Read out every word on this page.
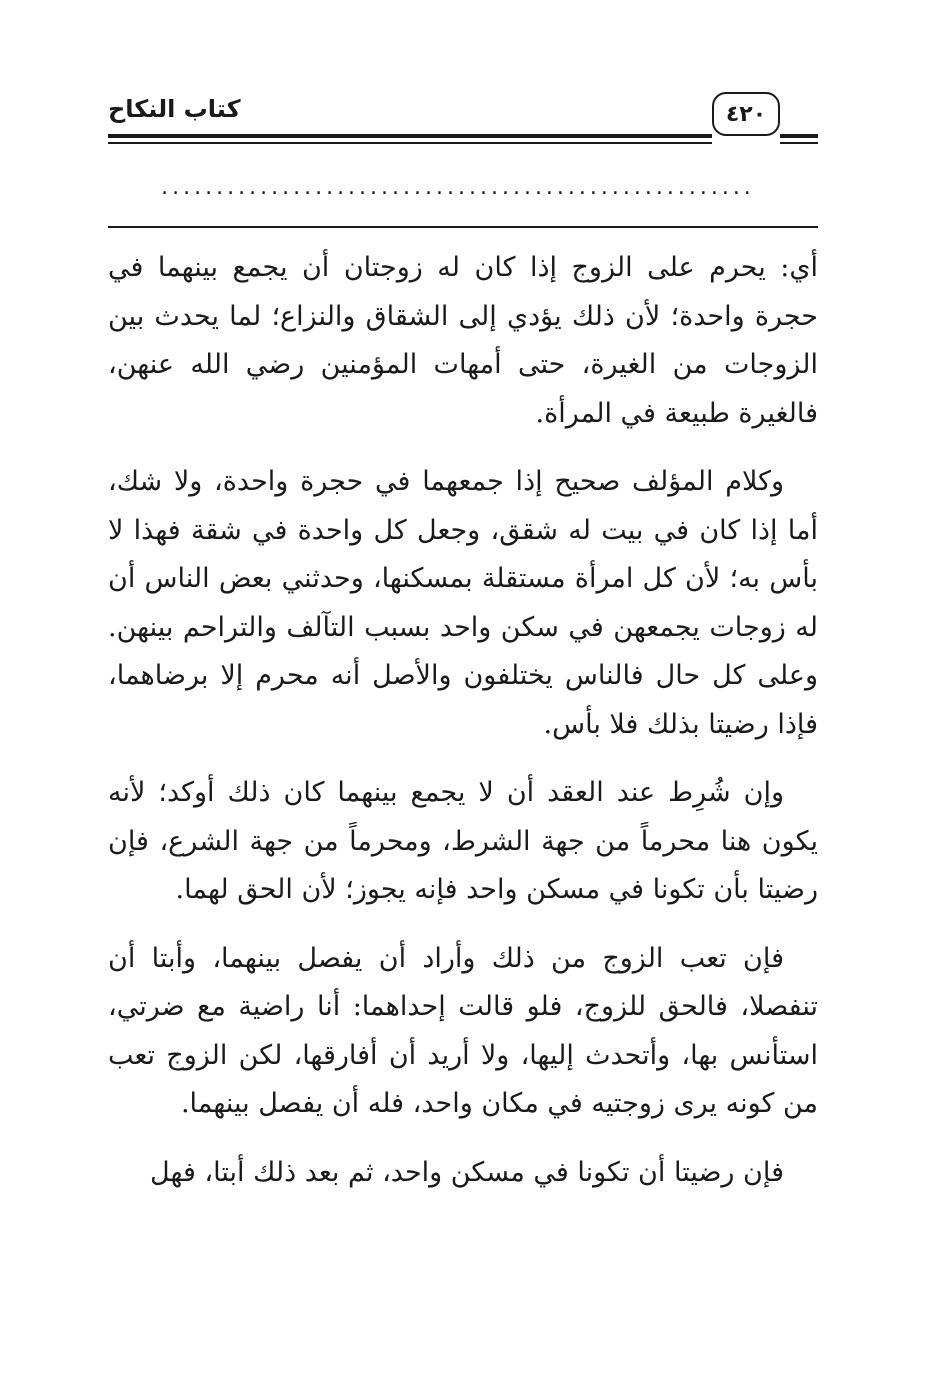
كتاب النكاح	٤٢٠
......................................................

أي: يحرم على الزوج إذا كان له زوجتان أن يجمع بينهما في حجرة واحدة؛ لأن ذلك يؤدي إلى الشقاق والنزاع؛ لما يحدث بين الزوجات من الغيرة، حتى أمهات المؤمنين رضي الله عنهن، فالغيرة طبيعة في المرأة.

وكلام المؤلف صحيح إذا جمعهما في حجرة واحدة، ولا شك، أما إذا كان في بيت له شقق، وجعل كل واحدة في شقة فهذا لا بأس به؛ لأن كل امرأة مستقلة بمسكنها، وحدثني بعض الناس أن له زوجات يجمعهن في سكن واحد بسبب التآلف والتراحم بينهن. وعلى كل حال فالناس يختلفون والأصل أنه محرم إلا برضاهما، فإذا رضيتا بذلك فلا بأس.

وإن شُرِط عند العقد أن لا يجمع بينهما كان ذلك أوكد؛ لأنه يكون هنا محرماً من جهة الشرط، ومحرماً من جهة الشرع، فإن رضيتا بأن تكونا في مسكن واحد فإنه يجوز؛ لأن الحق لهما.

فإن تعب الزوج من ذلك وأراد أن يفصل بينهما، وأبتا أن تنفصلا، فالحق للزوج، فلو قالت إحداهما: أنا راضية مع ضرتي، استأنس بها، وأتحدث إليها، ولا أريد أن أفارقها، لكن الزوج تعب من كونه يرى زوجتيه في مكان واحد، فله أن يفصل بينهما.

فإن رضيتا أن تكونا في مسكن واحد، ثم بعد ذلك أبتا، فهل
